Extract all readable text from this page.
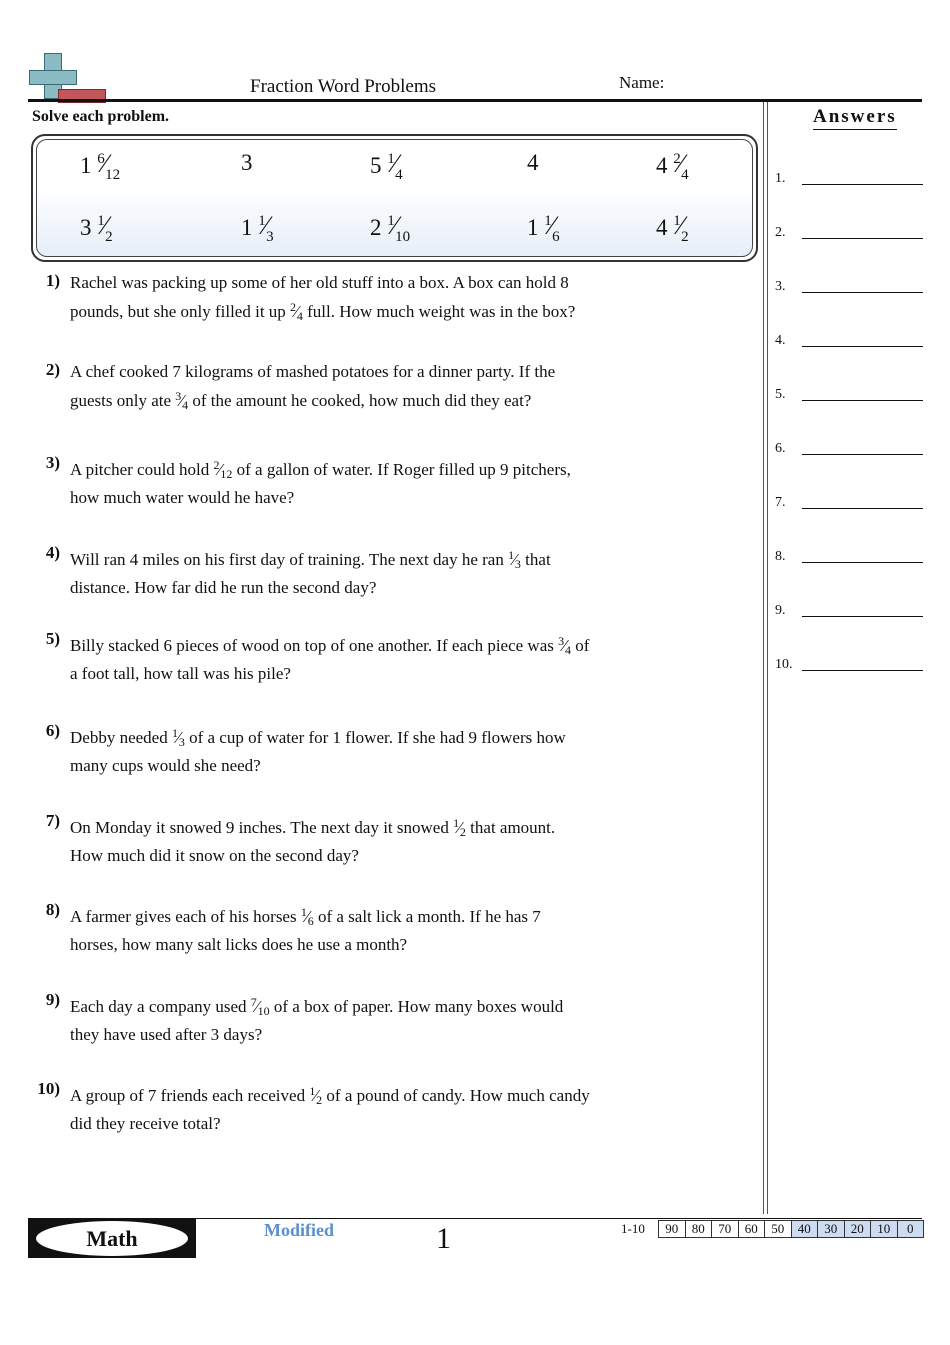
Fraction Word Problems	Name:
Solve each problem.	Answers
1 $^6⁄_{12}$	3	5 $^1⁄_4$	4	4 $^2⁄_4$
3 $^1⁄_2$	1 $^1⁄_3$	2 $^1⁄_{10}$	1 $^1⁄_6$	4 $^1⁄_2$
1) Rachel was packing up some of her old stuff into a box. A box can hold 8 pounds, but she only filled it up $^2⁄_4$ full. How much weight was in the box?
2) A chef cooked 7 kilograms of mashed potatoes for a dinner party. If the guests only ate $^3⁄_4$ of the amount he cooked, how much did they eat?
3) A pitcher could hold $^2⁄_{12}$ of a gallon of water. If Roger filled up 9 pitchers, how much water would he have?
4) Will ran 4 miles on his first day of training. The next day he ran $^1⁄_3$ that distance. How far did he run the second day?
5) Billy stacked 6 pieces of wood on top of one another. If each piece was $^3⁄_4$ of a foot tall, how tall was his pile?
6) Debby needed $^1⁄_3$ of a cup of water for 1 flower. If she had 9 flowers how many cups would she need?
7) On Monday it snowed 9 inches. The next day it snowed $^1⁄_2$ that amount. How much did it snow on the second day?
8) A farmer gives each of his horses $^1⁄_6$ of a salt lick a month. If he has 7 horses, how many salt licks does he use a month?
9) Each day a company used $^7⁄_{10}$ of a box of paper. How many boxes would they have used after 3 days?
10) A group of 7 friends each received $^1⁄_2$ of a pound of candy. How much candy did they receive total?
1.
2.
3.
4.
5.
6.
7.
8.
9.
10.
Math	Modified	1	1-10	90	80	70	60	50	40	30	20	10	0
